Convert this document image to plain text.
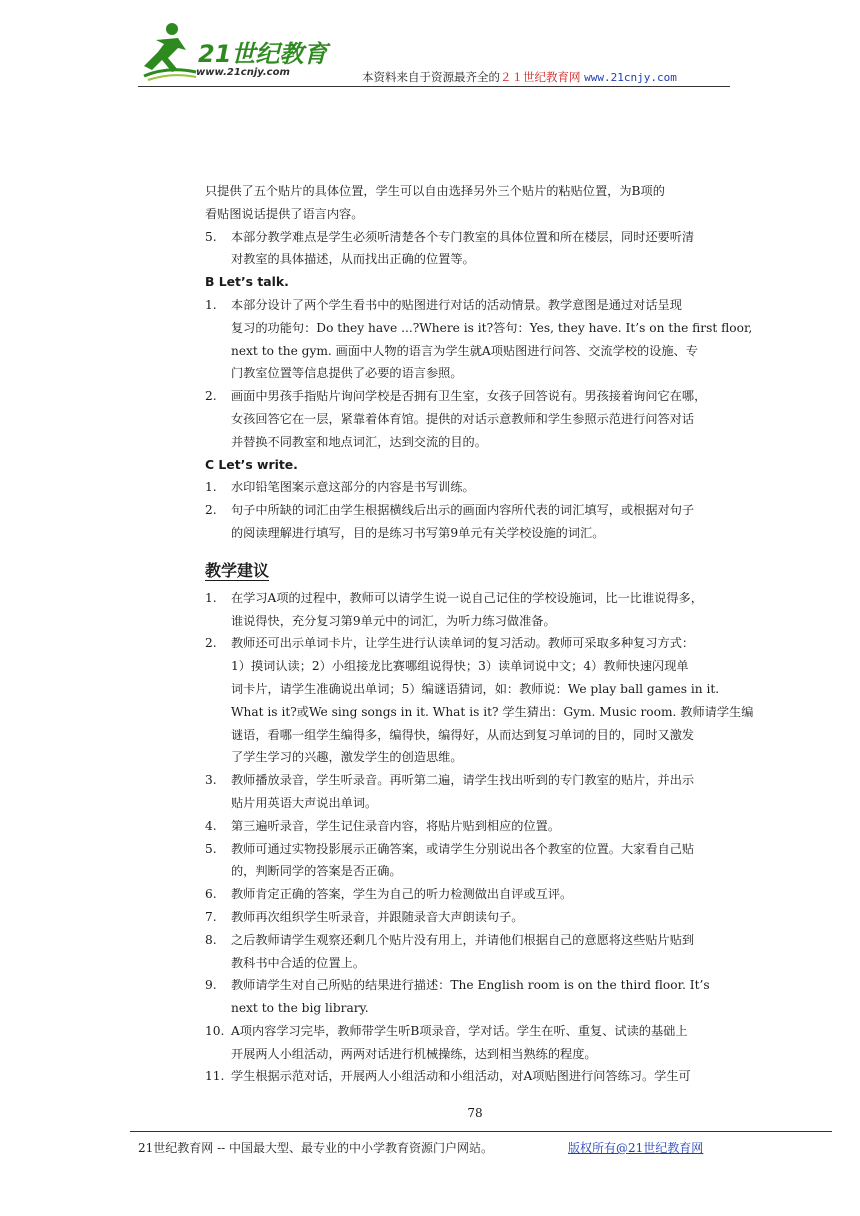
21世纪教育
www.21cnjy.com	本资料来自于资源最齐全的２１世纪教育网 www.21cnjy.com
只提供了五个贴片的具体位置，学生可以自由选择另外三个贴片的粘贴位置，为B项的
看贴图说话提供了语言内容。
5. 本部分教学难点是学生必须听清楚各个专门教室的具体位置和所在楼层，同时还要听清
对教室的具体描述，从而找出正确的位置等。
B Let’s talk.
1. 本部分设计了两个学生看书中的贴图进行对话的活动情景。教学意图是通过对话呈现
复习的功能句：Do they have ...?Where is it?答句：Yes, they have. It’s on the first floor,
next to the gym. 画面中人物的语言为学生就A项贴图进行问答、交流学校的设施、专
门教室位置等信息提供了必要的语言参照。
2. 画面中男孩手指贴片询问学校是否拥有卫生室，女孩子回答说有。男孩接着询问它在哪，
女孩回答它在一层，紧靠着体育馆。提供的对话示意教师和学生参照示范进行问答对话
并替换不同教室和地点词汇，达到交流的目的。
C Let’s write.
1. 水印铅笔图案示意这部分的内容是书写训练。
2. 句子中所缺的词汇由学生根据横线后出示的画面内容所代表的词汇填写，或根据对句子
的阅读理解进行填写，目的是练习书写第9单元有关学校设施的词汇。
教学建议
1. 在学习A项的过程中，教师可以请学生说一说自己记住的学校设施词，比一比谁说得多，
谁说得快，充分复习第9单元中的词汇，为听力练习做准备。
2. 教师还可出示单词卡片，让学生进行认读单词的复习活动。教师可采取多种复习方式：
1）摸词认读；2）小组接龙比赛哪组说得快；3）读单词说中文；4）教师快速闪现单
词卡片，请学生准确说出单词；5）编谜语猜词，如：教师说：We play ball games in it.
What is it?或We sing songs in it. What is it? 学生猜出：Gym. Music room. 教师请学生编
谜语，看哪一组学生编得多，编得快，编得好，从而达到复习单词的目的，同时又激发
了学生学习的兴趣，激发学生的创造思维。
3. 教师播放录音，学生听录音。再听第二遍，请学生找出听到的专门教室的贴片，并出示
贴片用英语大声说出单词。
4. 第三遍听录音，学生记住录音内容，将贴片贴到相应的位置。
5. 教师可通过实物投影展示正确答案，或请学生分别说出各个教室的位置。大家看自己贴
的，判断同学的答案是否正确。
6. 教师肯定正确的答案，学生为自己的听力检测做出自评或互评。
7. 教师再次组织学生听录音，并跟随录音大声朗读句子。
8. 之后教师请学生观察还剩几个贴片没有用上，并请他们根据自己的意愿将这些贴片贴到
教科书中合适的位置上。
9. 教师请学生对自己所贴的结果进行描述：The English room is on the third floor. It’s
next to the big library.
10. A项内容学习完毕，教师带学生听B项录音，学对话。学生在听、重复、试读的基础上
开展两人小组活动，两两对话进行机械操练，达到相当熟练的程度。
11. 学生根据示范对话，开展两人小组活动和小组活动，对A项贴图进行问答练习。学生可
78
21世纪教育网 -- 中国最大型、最专业的中小学教育资源门户网站。	版权所有@21世纪教育网
